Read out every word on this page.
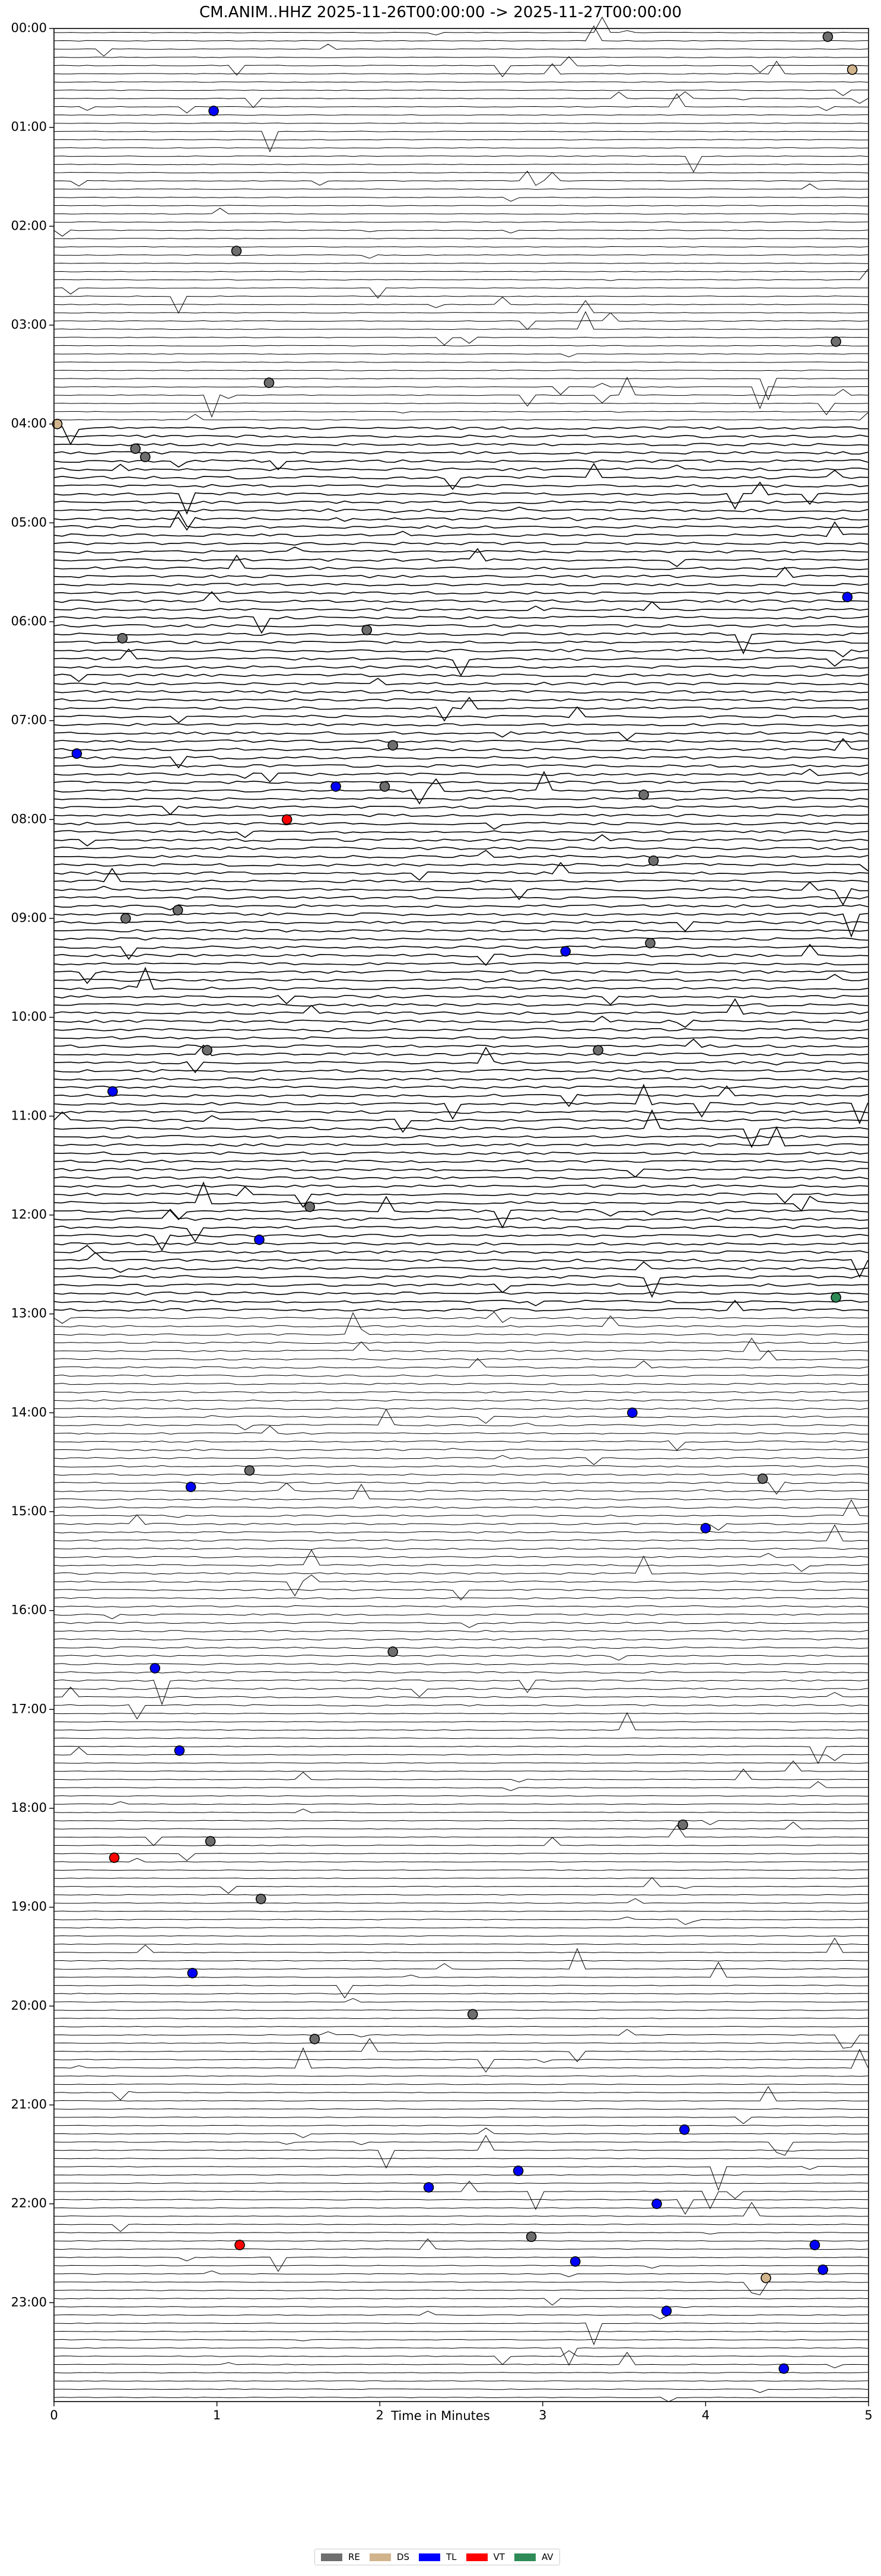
CM.ANIM..HHZ 2025-11-26T00:00:00 -> 2025-11-27T00:00:00
00:00
01:00
02:00
03:00
04:00
05:00
06:00
07:00
08:00
09:00
10:00
11:00
12:00
13:00
14:00
15:00
16:00
17:00
18:00
19:00
20:00
21:00
22:00
23:00
0	1	2	3	4	5
Time in Minutes
RE	DS	TL	VT	AV
